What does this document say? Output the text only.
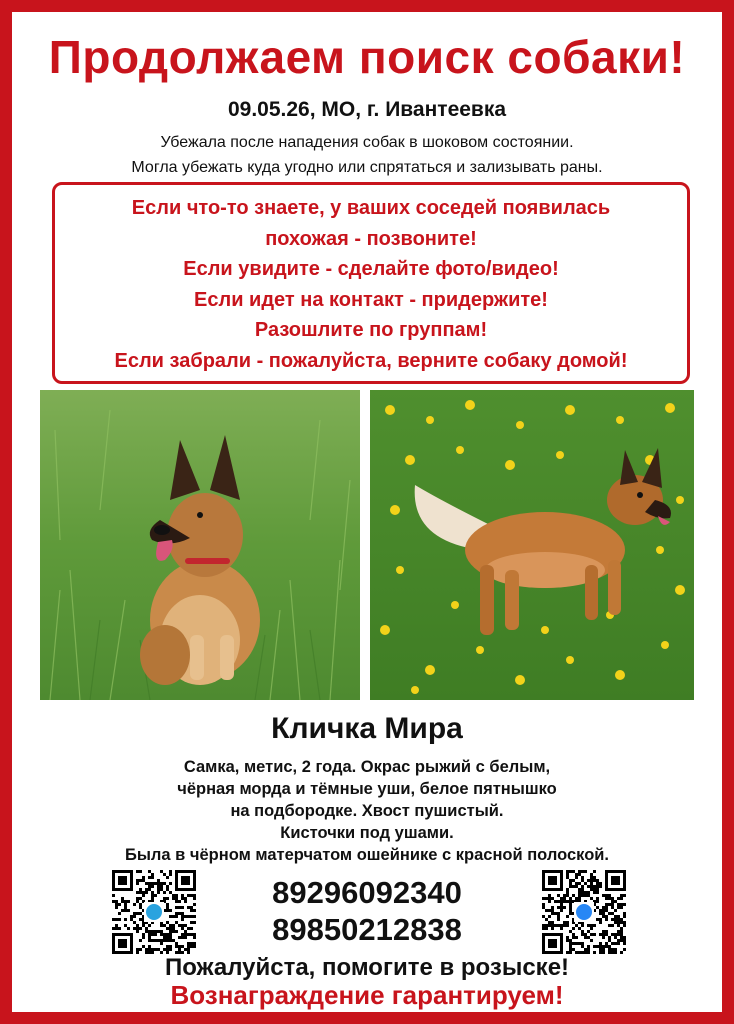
Продолжаем поиск собаки!
09.05.26, МО, г. Ивантеевка
Убежала после нападения собак в шоковом состоянии.
Могла убежать куда угодно или спрятаться и зализывать раны.
Если что-то знаете, у ваших соседей появилась
похожая - позвоните!
Если увидите - сделайте фото/видео!
Если идет на контакт - придержите!
Разошлите по группам!
Если забрали - пожалуйста, верните собаку домой!
Кличка Мира
Самка, метис, 2 года. Окрас рыжий с белым,
чёрная морда и тёмные уши, белое пятнышко
на подбородке. Хвост пушистый.
Кисточки под ушами.
Была в чёрном матерчатом ошейнике с красной полоской.
89296092340
89850212838
Пожалуйста, помогите в розыске!
Вознаграждение гарантируем!
